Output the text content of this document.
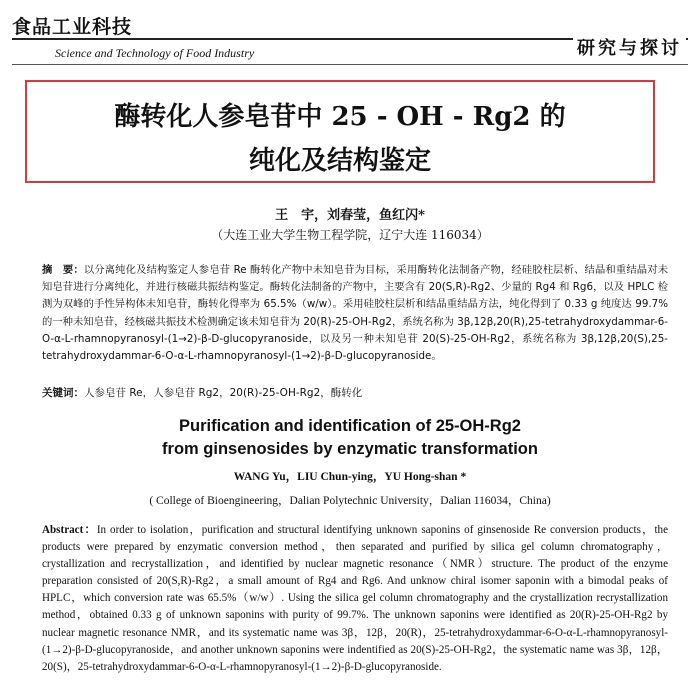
食品工业科技
研究与探讨
Science and Technology of Food Industry
酶转化人参皂苷中 25 - OH - Rg2 的
纯化及结构鉴定
王　宇，刘春莹，鱼红闪*
（大连工业大学生物工程学院，辽宁大连 116034）
摘　要：以分离纯化及结构鉴定人参皂苷 Re 酶转化产物中未知皂苷为目标，采用酶转化法制备产物，经硅胶柱层析、结晶和重结晶对未知皂苷进行分离纯化，并进行核磁共振结构鉴定。酶转化法制备的产物中，主要含有 20(S,R)-Rg2、少量的 Rg4 和 Rg6，以及 HPLC 检测为双峰的手性异构体未知皂苷，酶转化得率为 65.5%（w/w）。采用硅胶柱层析和结晶重结晶方法，纯化得到了 0.33 g 纯度达 99.7% 的一种未知皂苷，经核磁共振技术检测确定该未知皂苷为 20(R)-25-OH-Rg2，系统名称为 3β,12β,20(R),25-tetrahydroxydammar-6-O-α-L-rhamnopyranosyl-(1→2)-β-D-glucopyranoside，以及另一种未知皂苷 20(S)-25-OH-Rg2，系统名称为 3β,12β,20(S),25-tetrahydroxydammar-6-O-α-L-rhamnopyranosyl-(1→2)-β-D-glucopyranoside。
关键词：人参皂苷 Re，人参皂苷 Rg2，20(R)-25-OH-Rg2，酶转化
Purification and identification of 25-OH-Rg2
from ginsenosides by enzymatic transformation
WANG Yu，LIU Chun-ying，YU Hong-shan *
( College of Bioengineering，Dalian Polytechnic University，Dalian 116034，China)
Abstract：In order to isolation，purification and structural identifying unknown saponins of ginsenoside Re conversion products，the products were prepared by enzymatic conversion method，then separated and purified by silica gel column chromatography，crystallization and recrystallization，and identified by nuclear magnetic resonance（NMR）structure. The product of the enzyme preparation consisted of 20(S,R)-Rg2，a small amount of Rg4 and Rg6. And unknow chiral isomer saponin with a bimodal peaks of HPLC，which conversion rate was 65.5%（w/w）. Using the silica gel column chromatography and the crystallization recrystallization method，obtained 0.33 g of unknown saponins with purity of 99.7%. The unknown saponins were identified as 20(R)-25-OH-Rg2 by nuclear magnetic resonance NMR，and its systematic name was 3β，12β，20(R)，25-tetrahydroxydammar-6-O-α-L-rhamnopyranosyl-(1→2)-β-D-glucopyranoside，and another unknown saponins were indentified as 20(S)-25-OH-Rg2，the systematic name was 3β，12β，20(S)，25-tetrahydroxydammar-6-O-α-L-rhamnopyranosyl-(1→2)-β-D-glucopyranoside.
